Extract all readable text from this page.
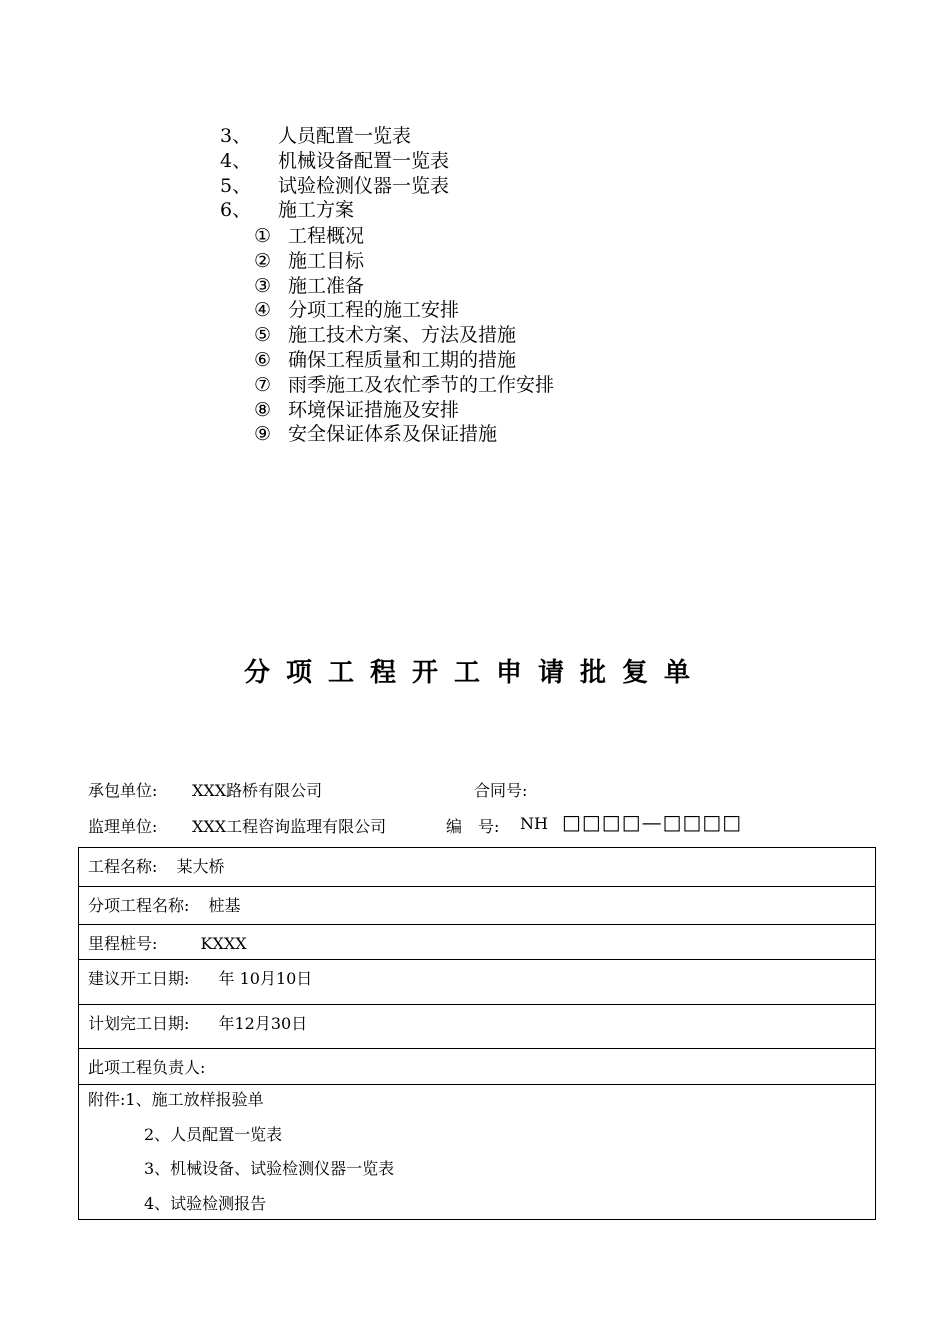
3、 人员配置一览表
4、 机械设备配置一览表
5、 试验检测仪器一览表
6、 施工方案
① 工程概况
② 施工目标
③ 施工准备
④ 分项工程的施工安排
⑤ 施工技术方案、方法及措施
⑥ 确保工程质量和工期的措施
⑦ 雨季施工及农忙季节的工作安排
⑧ 环境保证措施及安排
⑨ 安全保证体系及保证措施
分项工程开工申请批复单
承包单位: XXX路桥有限公司	合同号:
监理单位: XXX工程咨询监理有限公司	编　号: NH □□□□—□□□□
工程名称: 某大桥
分项工程名称: 桩基
里程桩号:	KXXX
建议开工日期: 年 10月10日
计划完工日期: 年12月30日
此项工程负责人:
附件:1、施工放样报验单
2、人员配置一览表
3、机械设备、试验检测仪器一览表
4、试验检测报告
